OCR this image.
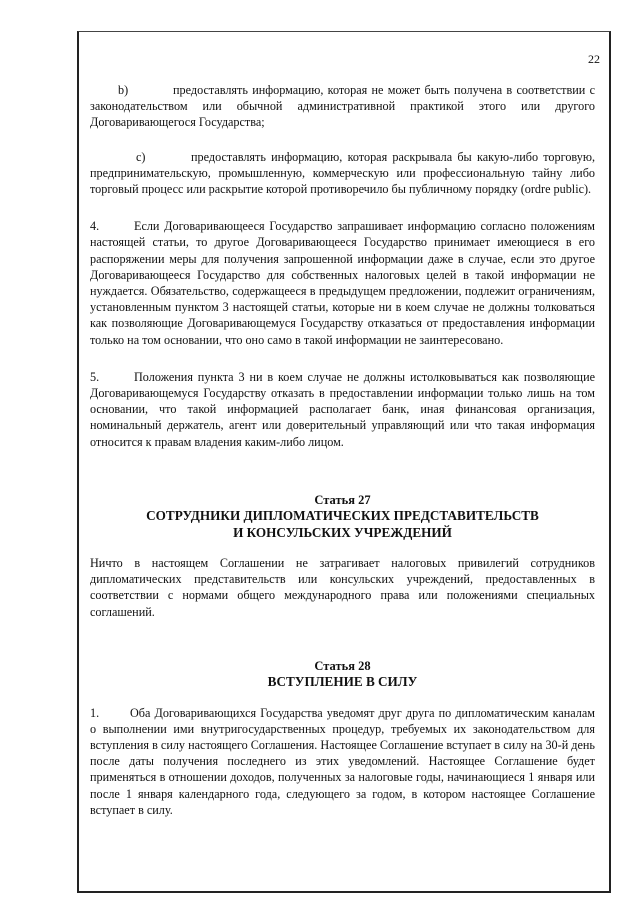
22

b)	предоставлять информацию, которая не может быть получена в соответствии с законодательством или обычной административной практикой этого или другого Договаривающегося Государства;

c)	предоставлять информацию, которая раскрывала бы какую-либо торговую, предпринимательскую, промышленную, коммерческую или профессиональную тайну либо торговый процесс или раскрытие которой противоречило бы публичному порядку (ordre public).

4.	Если Договаривающееся Государство запрашивает информацию согласно положениям настоящей статьи, то другое Договаривающееся Государство принимает имеющиеся в его распоряжении меры для получения запрошенной информации даже в случае, если это другое Договаривающееся Государство для собственных налоговых целей в такой информации не нуждается. Обязательство, содержащееся в предыдущем предложении, подлежит ограничениям, установленным пунктом 3 настоящей статьи, которые ни в коем случае не должны толковаться как позволяющие Договаривающемуся Государству отказаться от предоставления информации только на том основании, что оно само в такой информации не заинтересовано.

5.	Положения пункта 3 ни в коем случае не должны истолковываться как позволяющие Договаривающемуся Государству отказать в предоставлении информации только лишь на том основании, что такой информацией располагает банк, иная финансовая организация, номинальный держатель, агент или доверительный управляющий или что такая информация относится к правам владения каким-либо лицом.

Статья 27
СОТРУДНИКИ ДИПЛОМАТИЧЕСКИХ ПРЕДСТАВИТЕЛЬСТВ
И КОНСУЛЬСКИХ УЧРЕЖДЕНИЙ

Ничто в настоящем Соглашении не затрагивает налоговых привилегий сотрудников дипломатических представительств или консульских учреждений, предоставленных в соответствии с нормами общего международного права или положениями специальных соглашений.

Статья 28
ВСТУПЛЕНИЕ В СИЛУ

1.	Оба Договаривающихся Государства уведомят друг друга по дипломатическим каналам о выполнении ими внутригосударственных процедур, требуемых их законодательством для вступления в силу настоящего Соглашения. Настоящее Соглашение вступает в силу на 30-й день после даты получения последнего из этих уведомлений. Настоящее Соглашение будет применяться в отношении доходов, полученных за налоговые годы, начинающиеся 1 января или после 1 января календарного года, следующего за годом, в котором настоящее Соглашение вступает в силу.
